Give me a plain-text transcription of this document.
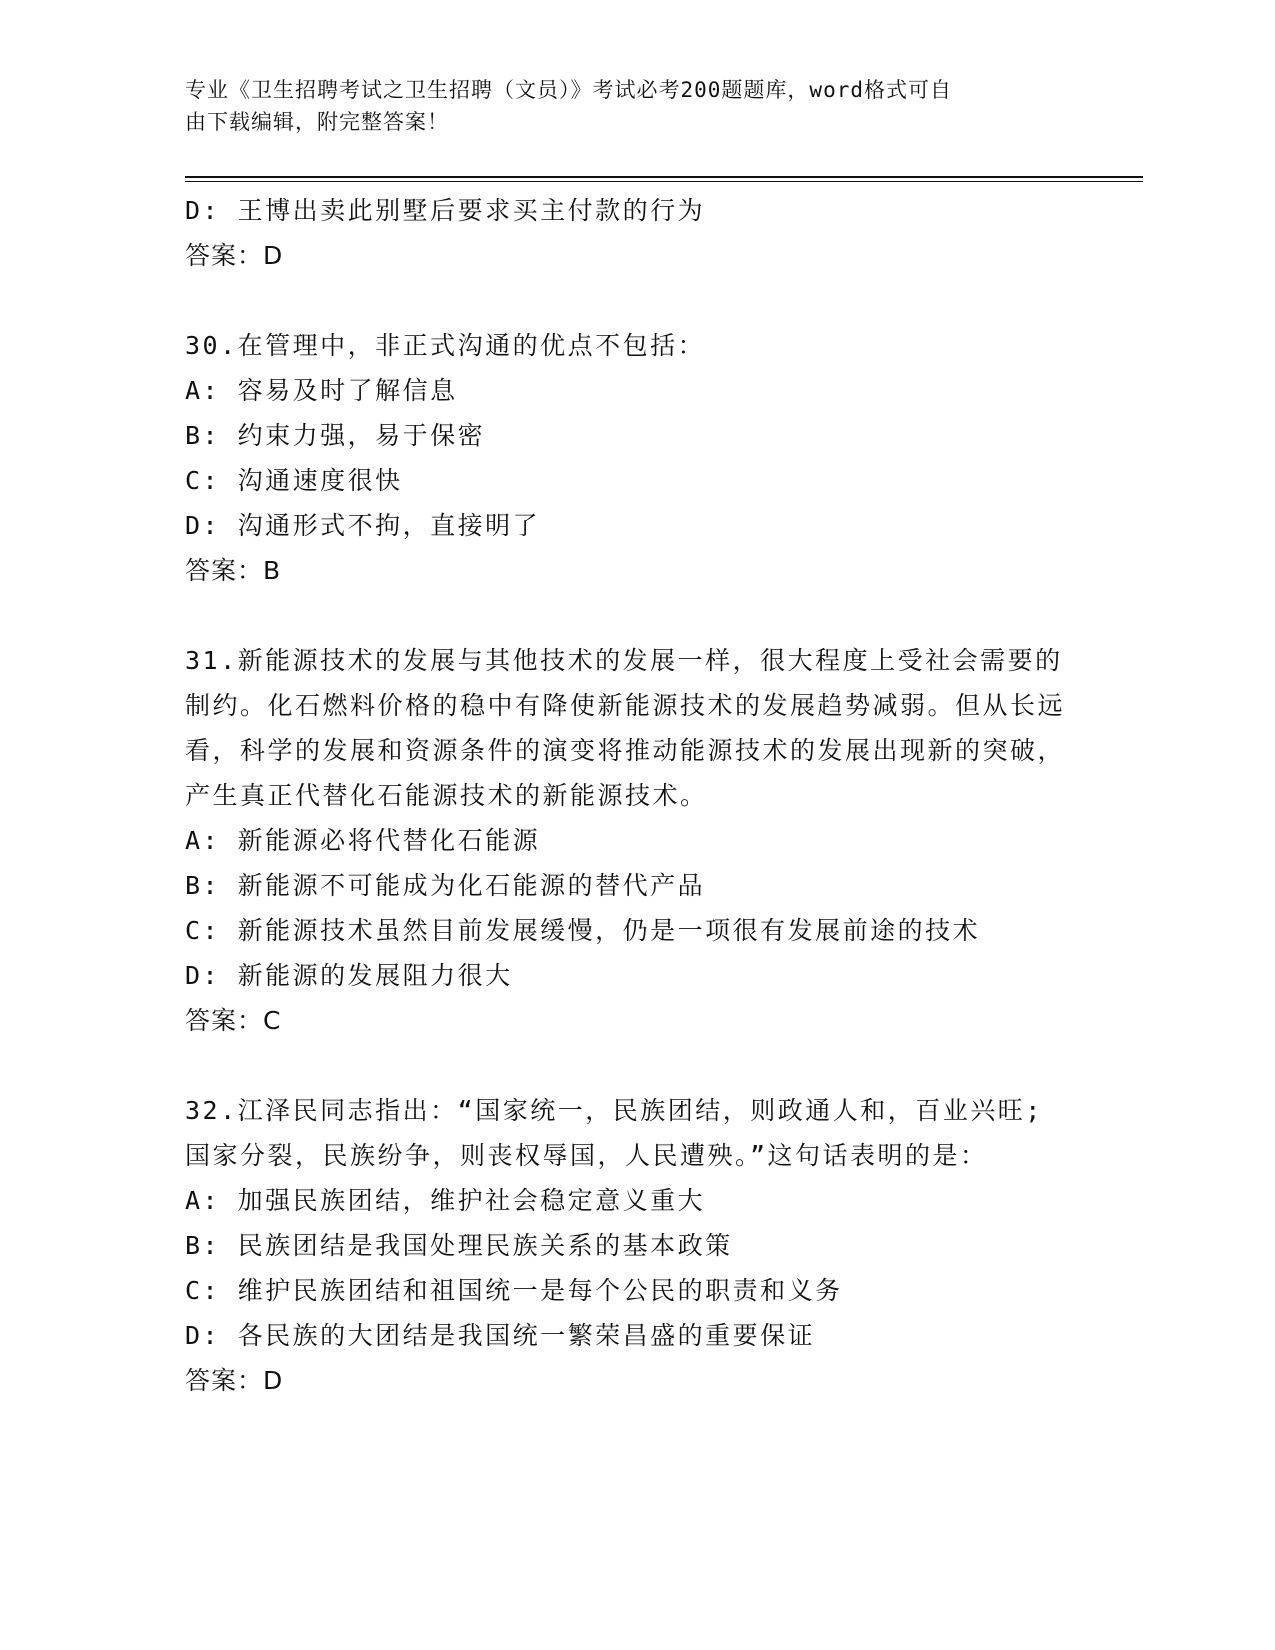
专业《卫生招聘考试之卫生招聘（文员）》考试必考200题题库，word格式可自
由下载编辑，附完整答案！
D: 王博出卖此别墅后要求买主付款的行为
答案：D
30.在管理中，非正式沟通的优点不包括：
A: 容易及时了解信息
B: 约束力强，易于保密
C: 沟通速度很快
D: 沟通形式不拘，直接明了
答案：B
31.新能源技术的发展与其他技术的发展一样，很大程度上受社会需要的制约。化石燃料价格的稳中有降使新能源技术的发展趋势减弱。但从长远看，科学的发展和资源条件的演变将推动能源技术的发展出现新的突破，产生真正代替化石能源技术的新能源技术。
A: 新能源必将代替化石能源
B: 新能源不可能成为化石能源的替代产品
C: 新能源技术虽然目前发展缓慢，仍是一项很有发展前途的技术
D: 新能源的发展阻力很大
答案：C
32.江泽民同志指出：“国家统一，民族团结，则政通人和，百业兴旺;国家分裂，民族纷争，则丧权辱国，人民遭殃。”这句话表明的是：
A: 加强民族团结，维护社会稳定意义重大
B: 民族团结是我国处理民族关系的基本政策
C: 维护民族团结和祖国统一是每个公民的职责和义务
D: 各民族的大团结是我国统一繁荣昌盛的重要保证
答案：D
